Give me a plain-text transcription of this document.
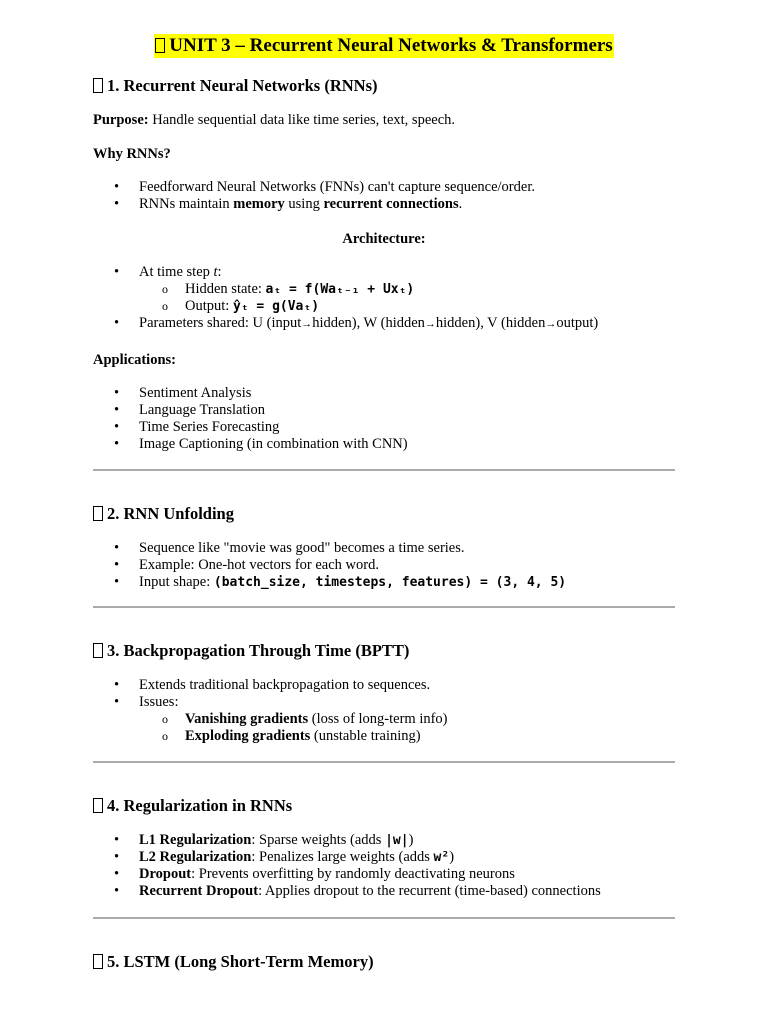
UNIT 3 – Recurrent Neural Networks & Transformers
1. Recurrent Neural Networks (RNNs)

Purpose: Handle sequential data like time series, text, speech.

Why RNNs?

• Feedforward Neural Networks (FNNs) can't capture sequence/order.
• RNNs maintain memory using recurrent connections.

Architecture:

• At time step t:
o Hidden state: aₜ = f(Waₜ₋₁ + Uxₜ)
o Output: ŷₜ = g(Vaₜ)
• Parameters shared: U (input→hidden), W (hidden→hidden), V (hidden→output)

Applications:

• Sentiment Analysis
• Language Translation
• Time Series Forecasting
• Image Captioning (in combination with CNN)
2. RNN Unfolding
• Sequence like "movie was good" becomes a time series.
• Example: One-hot vectors for each word.
• Input shape: (batch_size, timesteps, features) = (3, 4, 5)
3. Backpropagation Through Time (BPTT)
• Extends traditional backpropagation to sequences.
• Issues:
o Vanishing gradients (loss of long-term info)
o Exploding gradients (unstable training)
4. Regularization in RNNs
• L1 Regularization: Sparse weights (adds |w|)
• L2 Regularization: Penalizes large weights (adds w²)
• Dropout: Prevents overfitting by randomly deactivating neurons
• Recurrent Dropout: Applies dropout to the recurrent (time-based) connections
5. LSTM (Long Short-Term Memory)
